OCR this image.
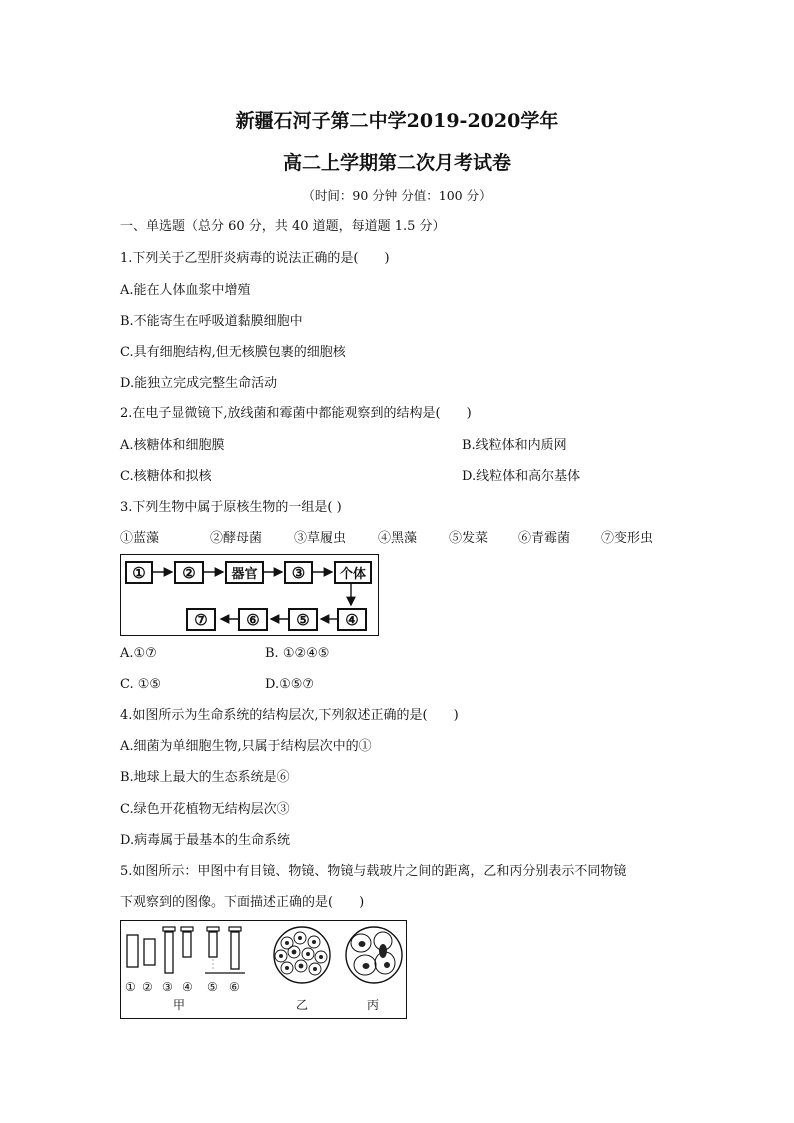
新疆石河子第二中学2019-2020学年
高二上学期第二次月考试卷
（时间：90 分钟 分值：100 分）
一、单选题（总分 60 分，共 40 道题，每道题 1.5 分）
1.下列关于乙型肝炎病毒的说法正确的是(　　)
A.能在人体血浆中增殖
B.不能寄生在呼吸道黏膜细胞中
C.具有细胞结构,但无核膜包裹的细胞核
D.能独立完成完整生命活动
2.在电子显微镜下,放线菌和霉菌中都能观察到的结构是(　　)
A.核糖体和细胞膜	B.线粒体和内质网
C.核糖体和拟核	D.线粒体和高尔基体
3.下列生物中属于原核生物的一组是( )
①蓝藻	②酵母菌 ③草履虫 ④黑藻 ⑤发菜 ⑥青霉菌 ⑦变形虫
①	②	器官	③	个体
⑦	⑥	⑤	④
A.①⑦	B. ①②④⑤
C. ①⑤	D.①⑤⑦
4.如图所示为生命系统的结构层次,下列叙述正确的是(　　)
A.细菌为单细胞生物,只属于结构层次中的①
B.地球上最大的生态系统是⑥
C.绿色开花植物无结构层次③
D.病毒属于最基本的生命系统
5.如图所示：甲图中有目镜、物镜、物镜与载玻片之间的距离，乙和丙分别表示不同物镜
下观察到的图像。下面描述正确的是(　　)
① ② ③ ④ ⑤ ⑥
甲	乙	丙
